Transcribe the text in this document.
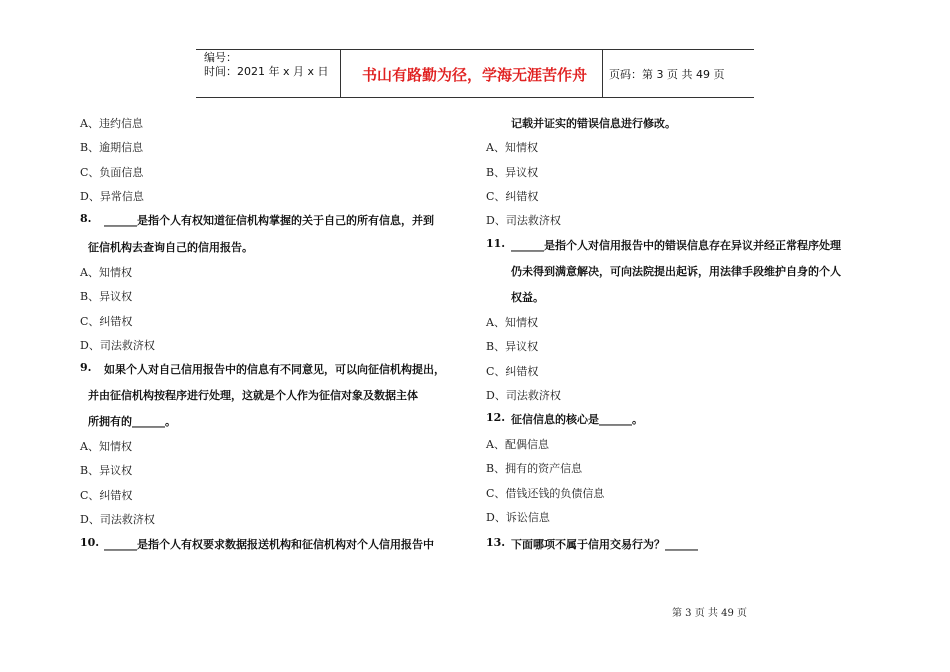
编号：
时间：2021 年 x 月 x 日	书山有路勤为径，学海无涯苦作舟	页码：第 3 页 共 49 页
A、违约信息
B、逾期信息
C、负面信息
D、异常信息
8. ______是指个人有权知道征信机构掌握的关于自己的所有信息，并到
征信机构去查询自己的信用报告。
A、知情权
B、异议权
C、纠错权
D、司法救济权
9. 如果个人对自己信用报告中的信息有不同意见，可以向征信机构提出，
并由征信机构按程序进行处理，这就是个人作为征信对象及数据主体
所拥有的______。
A、知情权
B、异议权
C、纠错权
D、司法救济权
10. ______是指个人有权要求数据报送机构和征信机构对个人信用报告中
记载并证实的错误信息进行修改。
A、知情权
B、异议权
C、纠错权
D、司法救济权
11. ______是指个人对信用报告中的错误信息存在异议并经正常程序处理
仍未得到满意解决，可向法院提出起诉，用法律手段维护自身的个人
权益。
A、知情权
B、异议权
C、纠错权
D、司法救济权
12. 征信信息的核心是______。
A、配偶信息
B、拥有的资产信息
C、借钱还钱的负债信息
D、诉讼信息
13. 下面哪项不属于信用交易行为？______
第 3 页 共 49 页
